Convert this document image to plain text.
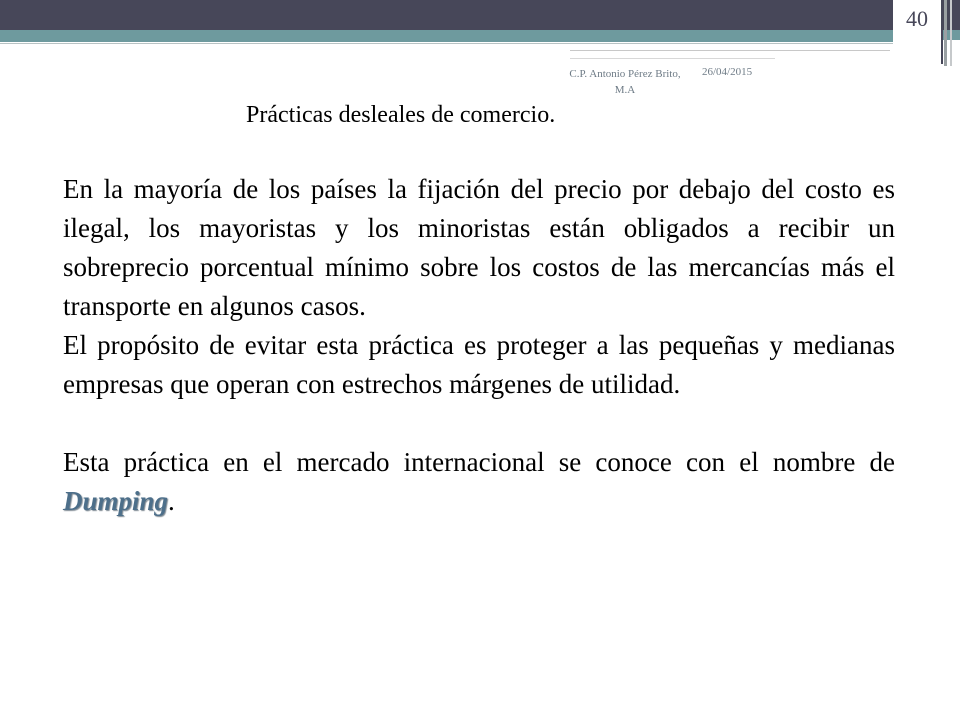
40
C.P. Antonio Pérez Brito, M.A
26/04/2015
Prácticas desleales de comercio.

En la mayoría de los países la fijación del precio por debajo del costo es ilegal, los mayoristas y los minoristas están obligados a recibir un sobreprecio porcentual mínimo sobre los costos de las mercancías más el transporte en algunos casos.

El propósito de evitar esta práctica es proteger a las pequeñas y medianas empresas que operan con estrechos márgenes de utilidad.

Esta práctica en el mercado internacional se conoce con el nombre de Dumping.
